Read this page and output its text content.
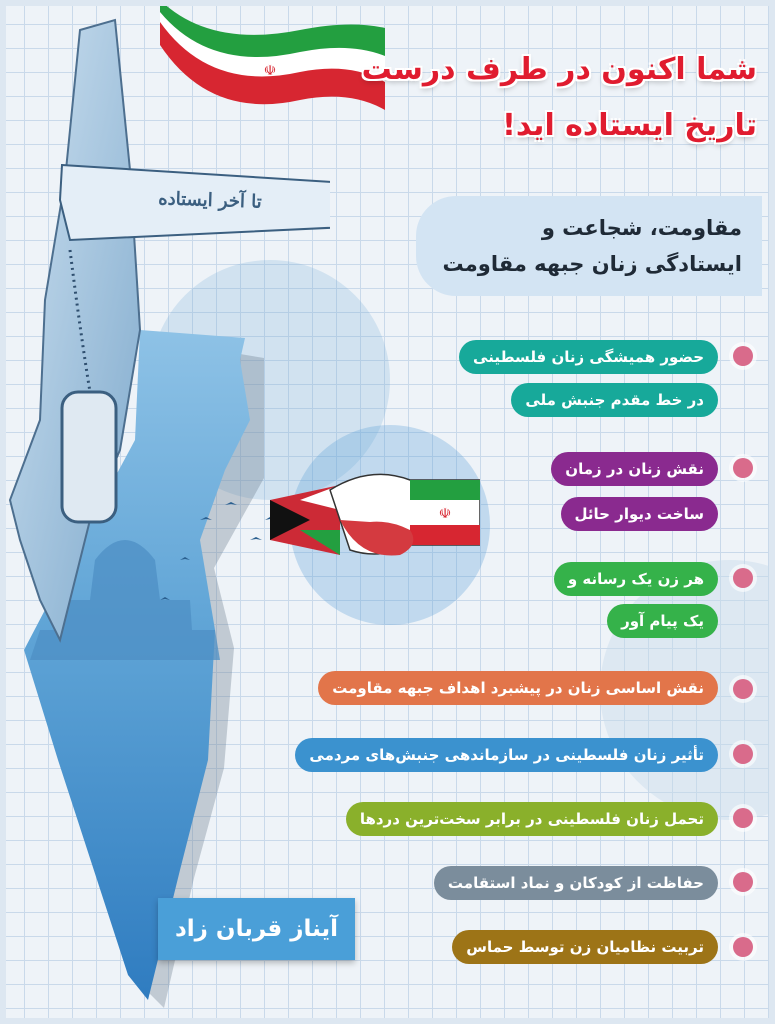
☫	شما اکنون در طرف درست
تاریخ ایستاده اید!
مقاومت، شجاعت و
ایستادگی زنان جبهه مقاومت
تا آخر ایستاده
☫
آیناز قربان زاد
حضور همیشگی زنان فلسطینی
در خط مقدم جنبش ملی
نقش زنان در زمان
ساخت دیوار حائل
هر زن یک رسانه و
یک پیام آور
نقش اساسی زنان در پیشبرد اهداف جبهه مقاومت
تأثیر زنان فلسطینی در سازماندهی جنبش‌های مردمی
تحمل زنان فلسطینی در برابر سخت‌ترین دردها
حفاظت از کودکان و نماد استقامت
تربیت نظامیان زن توسط حماس
